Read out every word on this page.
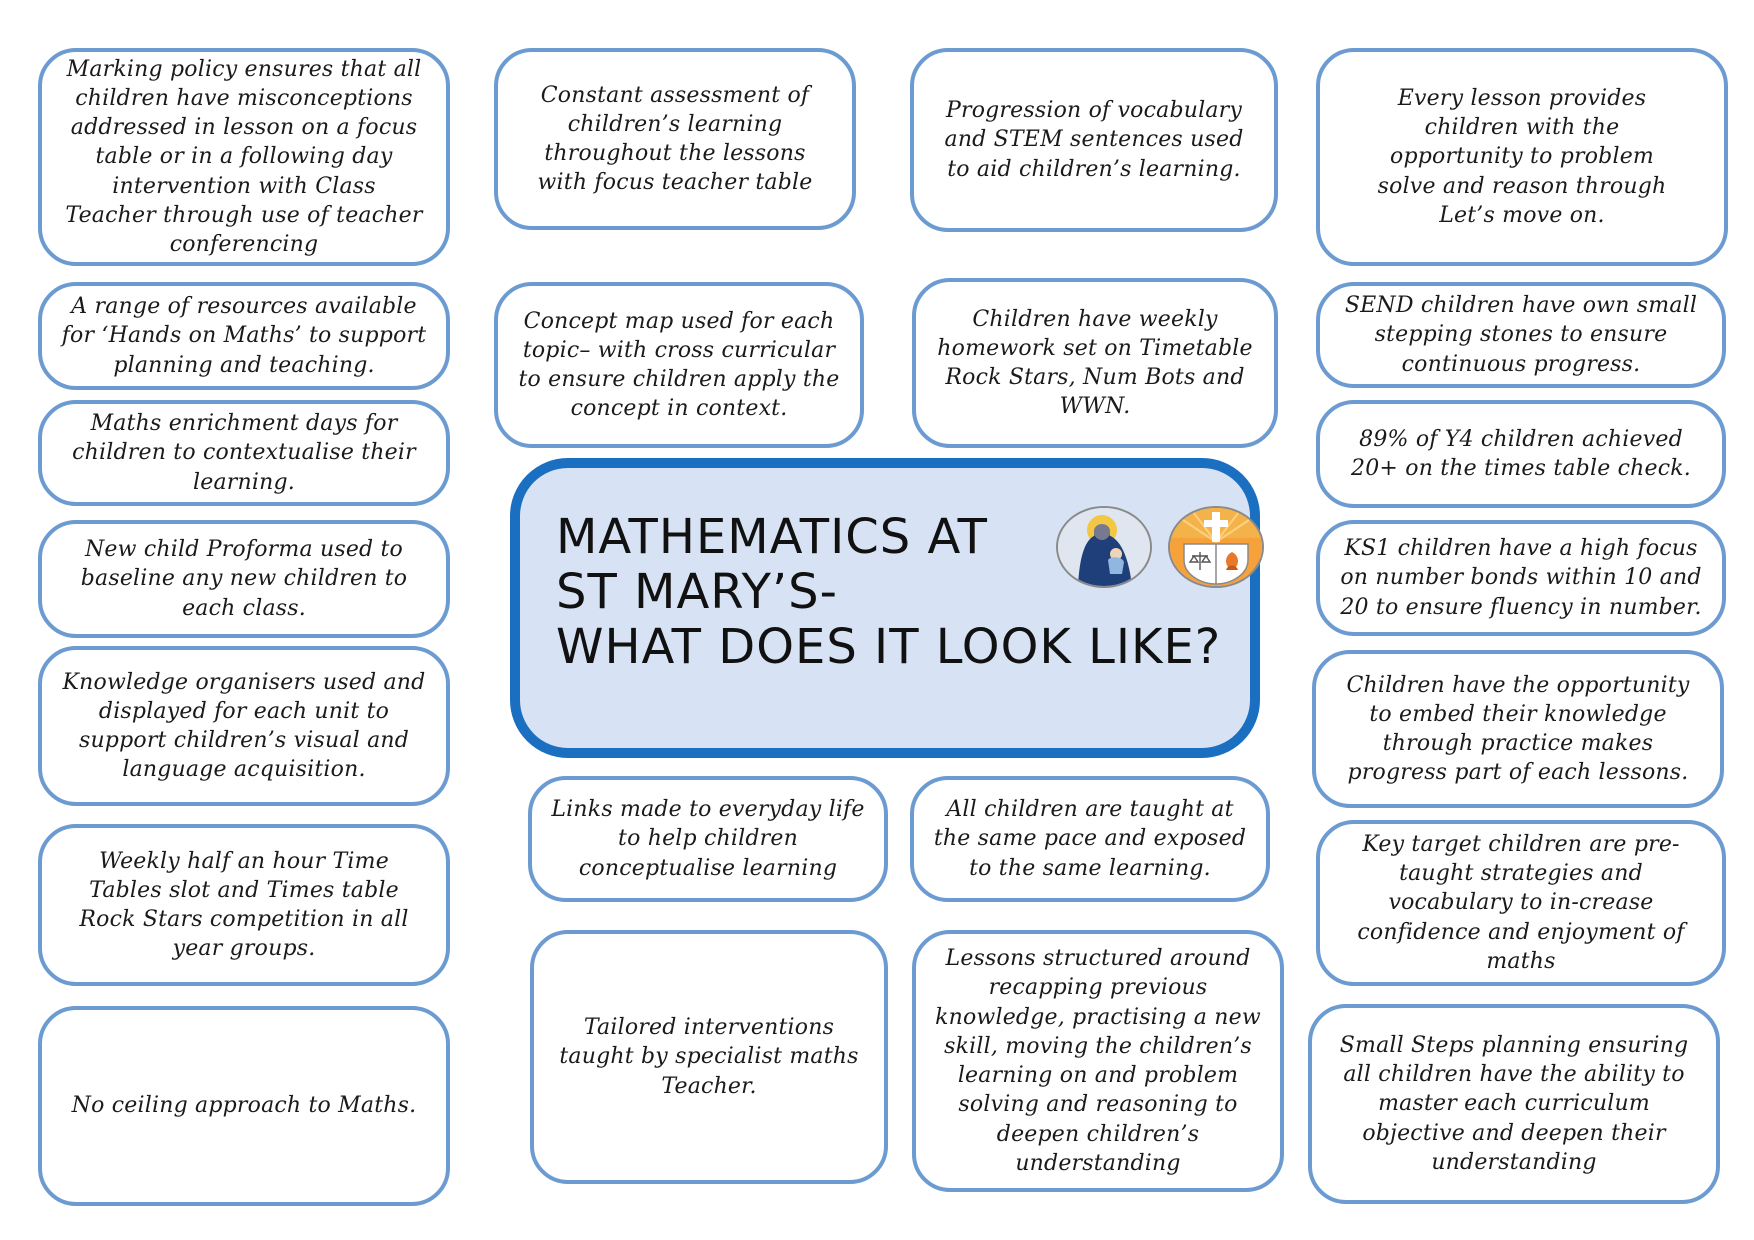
Marking policy ensures that all children have misconceptions addressed in lesson on a focus table or in a following day intervention with Class Teacher through use of teacher conferencing
A range of resources available for ‘Hands on Maths’ to support planning and teaching.
Maths enrichment days for children to contextualise their learning.
New child Proforma used to baseline any new children to each class.
Knowledge organisers used and displayed for each unit to support children’s visual and language acquisition.
Weekly half an hour Time Tables slot and Times table Rock Stars competition in all year groups.
No ceiling approach to Maths.
Constant assessment of children’s learning throughout the lessons with focus teacher table
Concept map used for each topic– with cross curricular to ensure children apply the concept in context.
Links made to everyday life to help children conceptualise learning
Tailored interventions taught by specialist maths Teacher.
Progression of vocabulary and STEM sentences used to aid children’s learning.
Children have weekly homework set on Timetable Rock Stars, Num Bots and WWN.
All children are taught at the same pace and exposed to the same learning.
Lessons structured around recapping previous knowledge, practising a new skill, moving the children’s learning on and problem solving and reasoning to deepen children’s understanding
Every lesson provides children with the opportunity to problem solve and reason through Let’s move on.
SEND children have own small stepping stones to ensure continuous progress.
89% of Y4 children achieved 20+ on the times table check.
KS1 children have a high focus on number bonds within 10 and 20 to ensure fluency in number.
Children have the opportunity to embed their knowledge through practice makes progress part of each lessons.
Key target children are pre-taught strategies and vocabulary to in-crease confidence and enjoyment of maths
Small Steps planning ensuring all children have the ability to master each curriculum objective and deepen their understanding
MATHEMATICS AT
ST MARY’S-
WHAT DOES IT LOOK LIKE?
